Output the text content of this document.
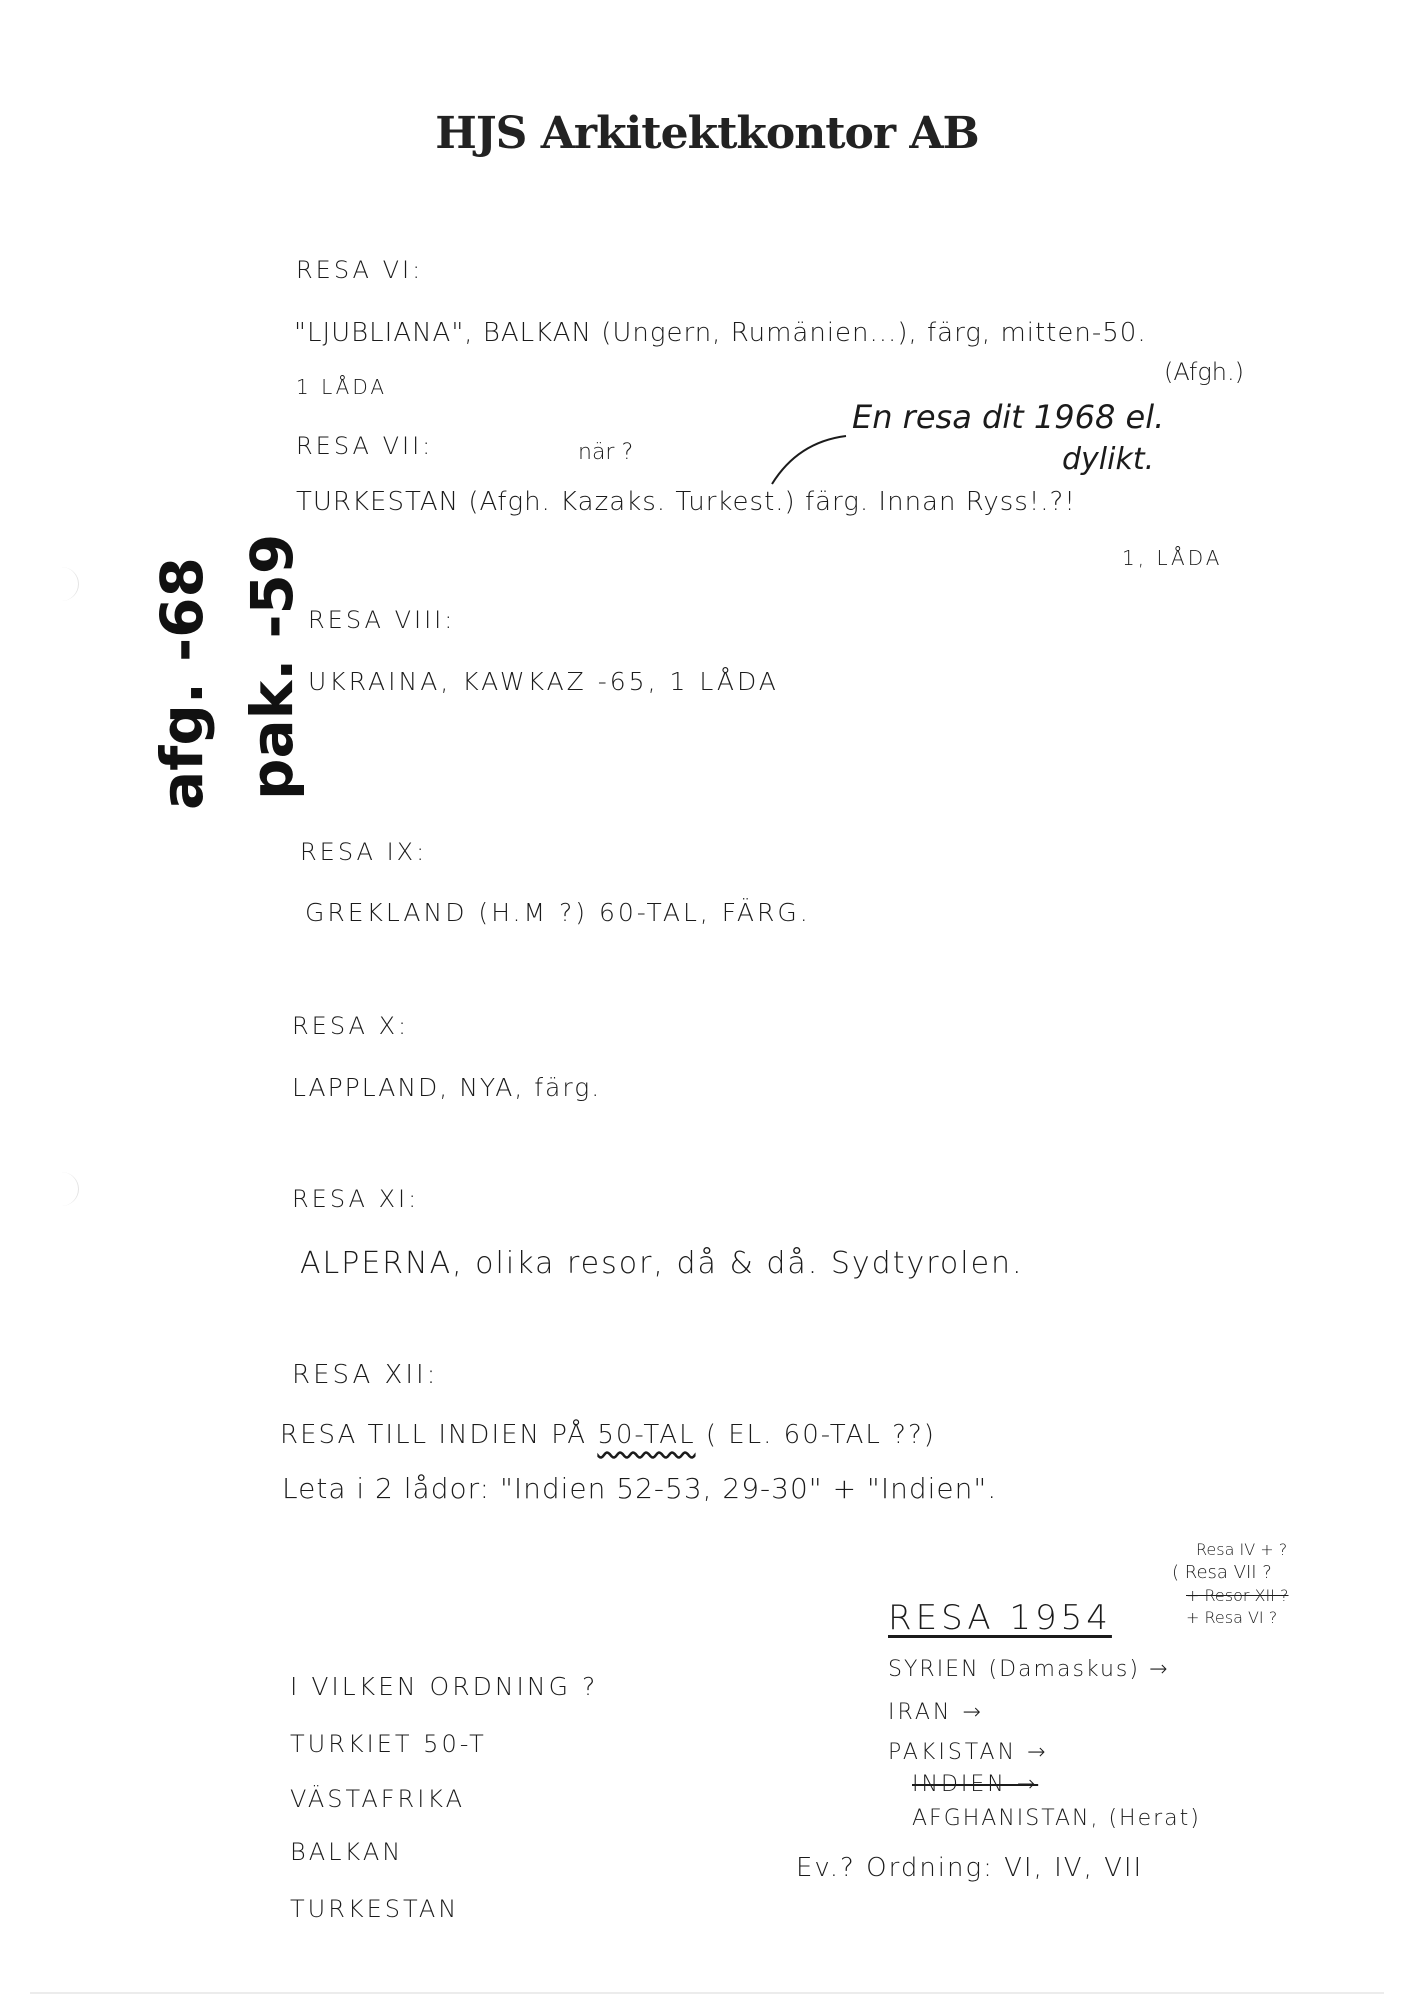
HJS Arkitektkontor AB
afg. -68 pak. -59
RESA VI:
"LJUBLIANA", BALKAN (Ungern, Rumänien...), färg, mitten-50.
1 LÅDA
(Afgh.)
RESA VII:	när ?
En resa dit 1968 el.
dylikt.
TURKESTAN (Afgh. Kazaks. Turkest.) färg. Innan Ryss!.?!
1, LÅDA
RESA VIII:
UKRAINA, KAWKAZ -65, 1 LÅDA
RESA IX:
GREKLAND (H.M ?) 60-TAL, FÄRG.
RESA X:
LAPPLAND, NYA, färg.
RESA XI:
ALPERNA, olika resor, då & då. Sydtyrolen.
RESA XII:
RESA TILL INDIEN PÅ 50-TAL ( EL. 60-TAL ??)
Leta i 2 lådor: "Indien 52-53, 29-30" + "Indien".
I VILKEN ORDNING ?
TURKIET 50-T
VÄSTAFRIKA
BALKAN
TURKESTAN
RESA 1954
Resa IV + ?
( Resa VII ?
+ Resor XII ?
+ Resa VI ?
SYRIEN (Damaskus) →
IRAN →
PAKISTAN →
INDIEN →
AFGHANISTAN, (Herat)
Ev.? Ordning: VI, IV, VII
